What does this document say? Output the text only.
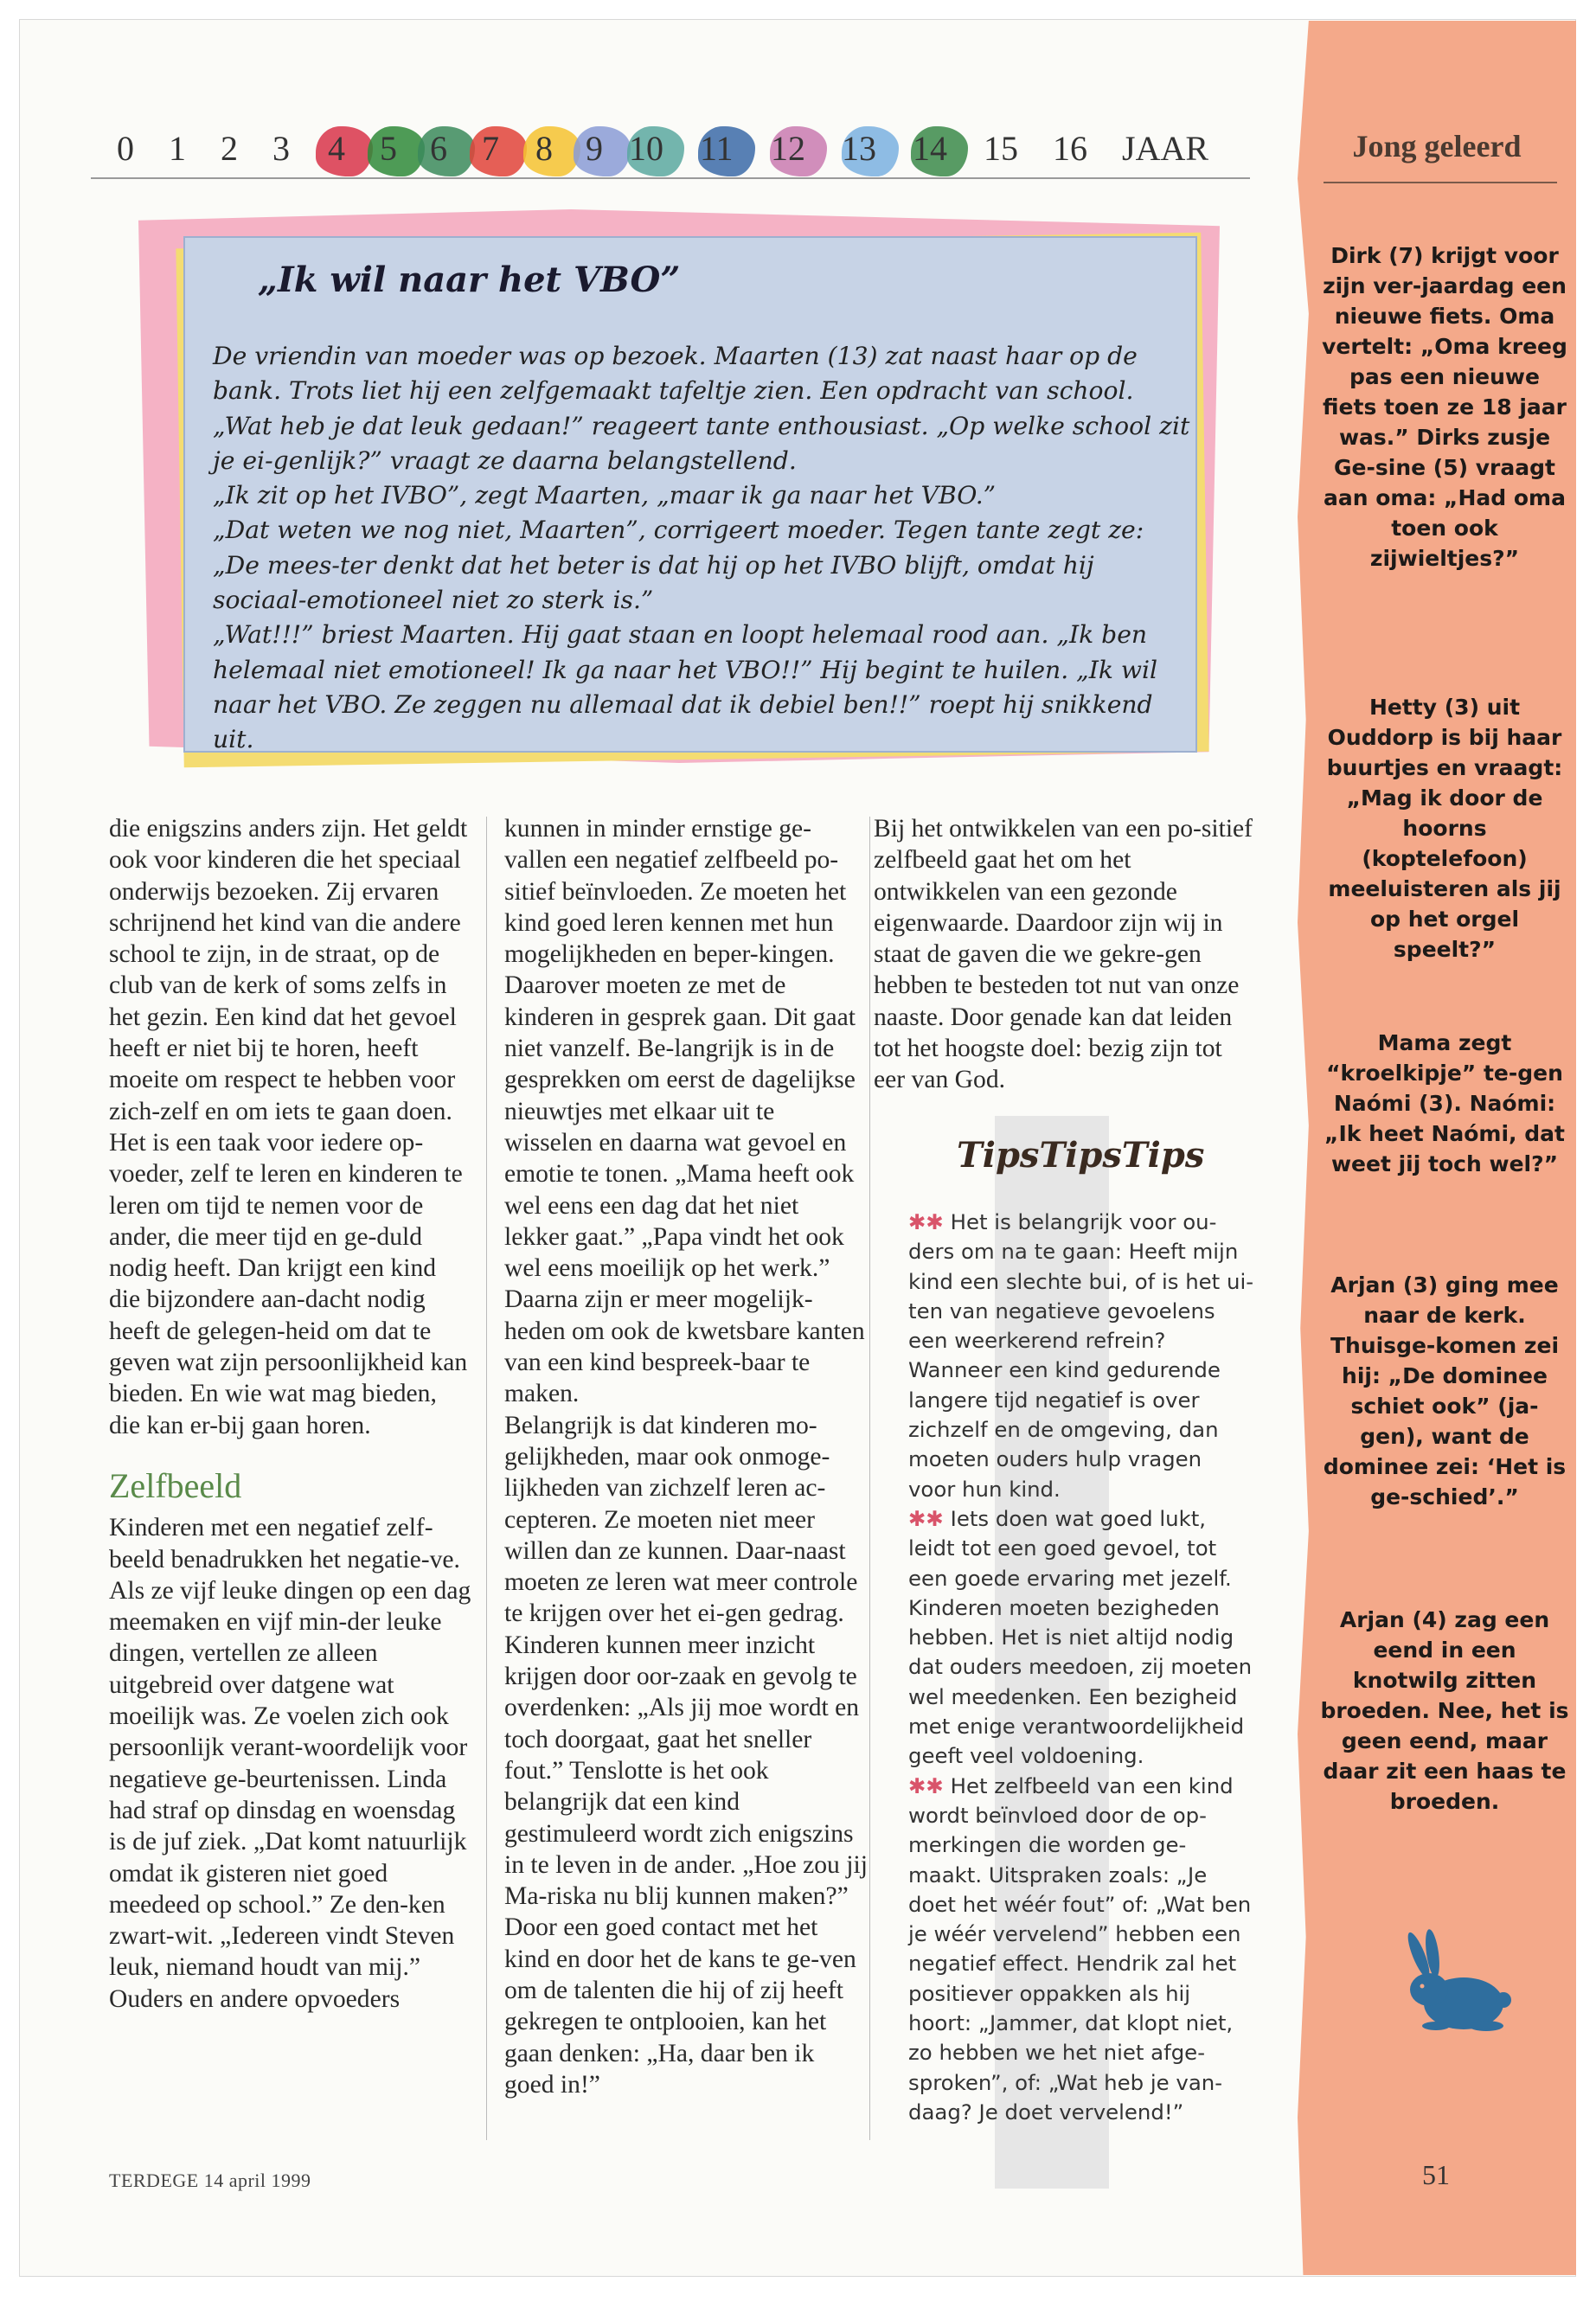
Jong geleerd
Dirk (7) krijgt voor zijn ver-jaardag een nieuwe fiets. Oma vertelt: „Oma kreeg pas een nieuwe fiets toen ze 18 jaar was.” Dirks zusje Ge-sine (5) vraagt aan oma: „Had oma toen ook zijwieltjes?”
Hetty (3) uit Ouddorp is bij haar buurtjes en vraagt: „Mag ik door de hoorns (koptelefoon) meeluisteren als jij op het orgel speelt?”
Mama zegt “kroelkipje” te-gen Naómi (3). Naómi: „Ik heet Naómi, dat weet jij toch wel?”
Arjan (3) ging mee naar de kerk. Thuisge-komen zei hij: „De dominee schiet ook” (ja-gen), want de dominee zei: ‘Het is ge-schied’.”
Arjan (4) zag een eend in een knotwilg zitten broeden. Nee, het is geen eend, maar daar zit een haas te broeden.
0 1 2 3 4 5 6 7 8 9 10 11 12 13 14 15 16 JAAR
„Ik wil naar het VBO”

De vriendin van moeder was op bezoek. Maarten (13) zat naast haar op de bank. Trots liet hij een zelfgemaakt tafeltje zien. Een opdracht van school.

„Wat heb je dat leuk gedaan!” reageert tante enthousiast. „Op welke school zit je ei-genlijk?” vraagt ze daarna belangstellend.

„Ik zit op het IVBO”, zegt Maarten, „maar ik ga naar het VBO.”

„Dat weten we nog niet, Maarten”, corrigeert moeder. Tegen tante zegt ze: „De mees-ter denkt dat het beter is dat hij op het IVBO blijft, omdat hij sociaal-emotioneel niet zo sterk is.”

„Wat!!!” briest Maarten. Hij gaat staan en loopt helemaal rood aan. „Ik ben helemaal niet emotioneel! Ik ga naar het VBO!!” Hij begint te huilen. „Ik wil naar het VBO. Ze zeggen nu allemaal dat ik debiel ben!!” roept hij snikkend uit.

die enigszins anders zijn. Het geldt ook voor kinderen die het speciaal onderwijs bezoeken. Zij ervaren schrijnend het kind van die andere school te zijn, in de straat, op de club van de kerk of soms zelfs in het gezin. Een kind dat het gevoel heeft er niet bij te horen, heeft moeite om respect te hebben voor zich-zelf en om iets te gaan doen. Het is een taak voor iedere op-voeder, zelf te leren en kinderen te leren om tijd te nemen voor de ander, die meer tijd en ge-duld nodig heeft. Dan krijgt een kind die bijzondere aan-dacht nodig heeft de gelegen-heid om dat te geven wat zijn persoonlijkheid kan bieden. En wie wat mag bieden, die kan er-bij gaan horen.

Zelfbeeld

Kinderen met een negatief zelf-beeld benadrukken het negatie-ve. Als ze vijf leuke dingen op een dag meemaken en vijf min-der leuke dingen, vertellen ze alleen uitgebreid over datgene wat moeilijk was. Ze voelen zich ook persoonlijk verant-woordelijk voor negatieve ge-beurtenissen. Linda had straf op dinsdag en woensdag is de juf ziek. „Dat komt natuurlijk omdat ik gisteren niet goed meedeed op school.” Ze den-ken zwart-wit. „Iedereen vindt Steven leuk, niemand houdt van mij.”

Ouders en andere opvoeders

kunnen in minder ernstige ge-vallen een negatief zelfbeeld po-sitief beïnvloeden. Ze moeten het kind goed leren kennen met hun mogelijkheden en beper-kingen. Daarover moeten ze met de kinderen in gesprek gaan. Dit gaat niet vanzelf. Be-langrijk is in de gesprekken om eerst de dagelijkse nieuwtjes met elkaar uit te wisselen en daarna wat gevoel en emotie te tonen. „Mama heeft ook wel eens een dag dat het niet lekker gaat.” „Papa vindt het ook wel eens moeilijk op het werk.” Daarna zijn er meer mogelijk-heden om ook de kwetsbare kanten van een kind bespreek-baar te maken.

Belangrijk is dat kinderen mo-gelijkheden, maar ook onmoge-lijkheden van zichzelf leren ac-cepteren. Ze moeten niet meer willen dan ze kunnen. Daar-naast moeten ze leren wat meer controle te krijgen over het ei-gen gedrag. Kinderen kunnen meer inzicht krijgen door oor-zaak en gevolg te overdenken: „Als jij moe wordt en toch doorgaat, gaat het sneller fout.” Tenslotte is het ook belangrijk dat een kind gestimuleerd wordt zich enigszins in te leven in de ander. „Hoe zou jij Ma-riska nu blij kunnen maken?” Door een goed contact met het kind en door het de kans te ge-ven om de talenten die hij of zij heeft gekregen te ontplooien, kan het gaan denken: „Ha, daar ben ik goed in!”

Bij het ontwikkelen van een po-sitief zelfbeeld gaat het om het ontwikkelen van een gezonde eigenwaarde. Daardoor zijn wij in staat de gaven die we gekre-gen hebben te besteden tot nut van onze naaste. Door genade kan dat leiden tot het hoogste doel: bezig zijn tot eer van God.

TipsTipsTips

✱✱ Het is belangrijk voor ou-ders om na te gaan: Heeft mijn kind een slechte bui, of is het ui-ten van negatieve gevoelens een weerkerend refrein? Wanneer een kind gedurende langere tijd negatief is over zichzelf en de omgeving, dan moeten ouders hulp vragen voor hun kind.

✱✱ Iets doen wat goed lukt, leidt tot een goed gevoel, tot een goede ervaring met jezelf. Kinderen moeten bezigheden hebben. Het is niet altijd nodig dat ouders meedoen, zij moeten wel meedenken. Een bezigheid met enige verantwoordelijkheid geeft veel voldoening.

✱✱ Het zelfbeeld van een kind wordt beïnvloed door de op-merkingen die worden ge-maakt. Uitspraken zoals: „Je doet het wéér fout” of: „Wat ben je wéér vervelend” hebben een negatief effect. Hendrik zal het positiever oppakken als hij hoort: „Jammer, dat klopt niet, zo hebben we het niet afge-sproken”, of: „Wat heb je van-daag? Je doet vervelend!”

TERDEGE 14 april 1999	51
